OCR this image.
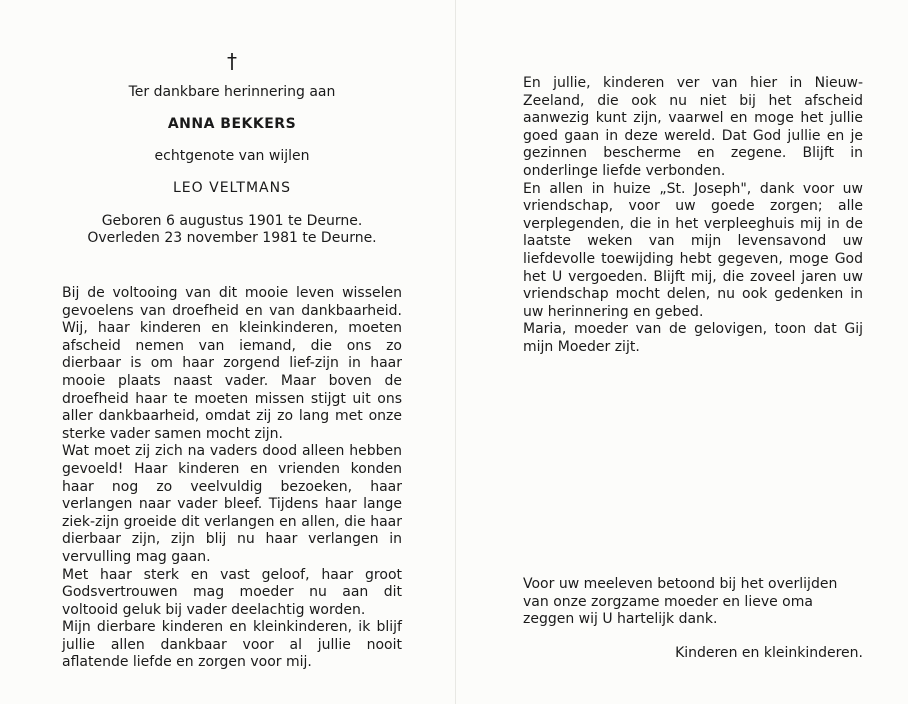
†
Ter dankbare herinnering aan
ANNA BEKKERS
echtgenote van wijlen
LEO VELTMANS
Geboren 6 augustus 1901 te Deurne.
Overleden 23 november 1981 te Deurne.

Bij de voltooing van dit mooie leven wisselen gevoelens van droefheid en van dankbaarheid. Wij, haar kinderen en kleinkinderen, moeten afscheid nemen van iemand, die ons zo dierbaar is om haar zorgend lief-zijn in haar mooie plaats naast vader. Maar boven de droefheid haar te moeten missen stijgt uit ons aller dankbaarheid, omdat zij zo lang met onze sterke vader samen mocht zijn.

Wat moet zij zich na vaders dood alleen hebben gevoeld! Haar kinderen en vrienden konden haar nog zo veelvuldig bezoeken, haar verlangen naar vader bleef. Tijdens haar lange ziek-zijn groeide dit verlangen en allen, die haar dierbaar zijn, zijn blij nu haar verlangen in vervulling mag gaan.

Met haar sterk en vast geloof, haar groot Godsvertrouwen mag moeder nu aan dit voltooid geluk bij vader deelachtig worden.

Mijn dierbare kinderen en kleinkinderen, ik blijf jullie allen dankbaar voor al jullie nooit aflatende liefde en zorgen voor mij.

En jullie, kinderen ver van hier in Nieuw-Zeeland, die ook nu niet bij het afscheid aanwezig kunt zijn, vaarwel en moge het jullie goed gaan in deze wereld. Dat God jullie en je gezinnen bescherme en zegene. Blijft in onderlinge liefde verbonden.

En allen in huize „St. Joseph", dank voor uw vriendschap, voor uw goede zorgen; alle verplegenden, die in het verpleeghuis mij in de laatste weken van mijn levensavond uw liefdevolle toewijding hebt gegeven, moge God het U vergoeden. Blijft mij, die zoveel jaren uw vriendschap mocht delen, nu ook gedenken in uw herinnering en gebed.

Maria, moeder van de gelovigen, toon dat Gij mijn Moeder zijt.

Voor uw meeleven betoond bij het overlijden van onze zorgzame moeder en lieve oma zeggen wij U hartelijk dank.

Kinderen en kleinkinderen.
